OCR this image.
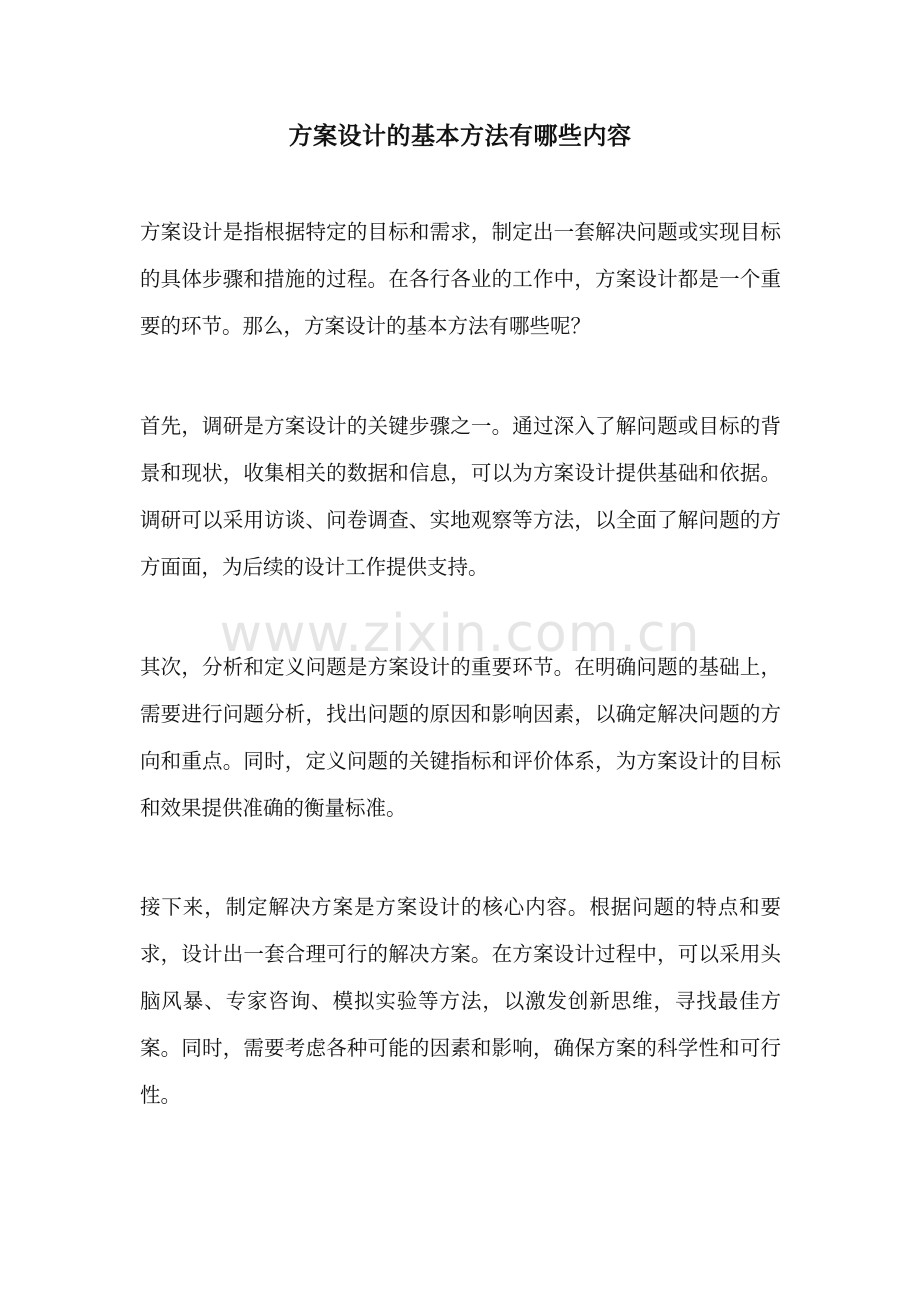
方案设计的基本方法有哪些内容

方案设计是指根据特定的目标和需求，制定出一套解决问题或实现目标的具体步骤和措施的过程。在各行各业的工作中，方案设计都是一个重要的环节。那么，方案设计的基本方法有哪些呢？

首先，调研是方案设计的关键步骤之一。通过深入了解问题或目标的背景和现状，收集相关的数据和信息，可以为方案设计提供基础和依据。调研可以采用访谈、问卷调查、实地观察等方法，以全面了解问题的方方面面，为后续的设计工作提供支持。

其次，分析和定义问题是方案设计的重要环节。在明确问题的基础上，需要进行问题分析，找出问题的原因和影响因素，以确定解决问题的方向和重点。同时，定义问题的关键指标和评价体系，为方案设计的目标和效果提供准确的衡量标准。

接下来，制定解决方案是方案设计的核心内容。根据问题的特点和要求，设计出一套合理可行的解决方案。在方案设计过程中，可以采用头脑风暴、专家咨询、模拟实验等方法，以激发创新思维，寻找最佳方案。同时，需要考虑各种可能的因素和影响，确保方案的科学性和可行性。

www.zixin.com.cn
